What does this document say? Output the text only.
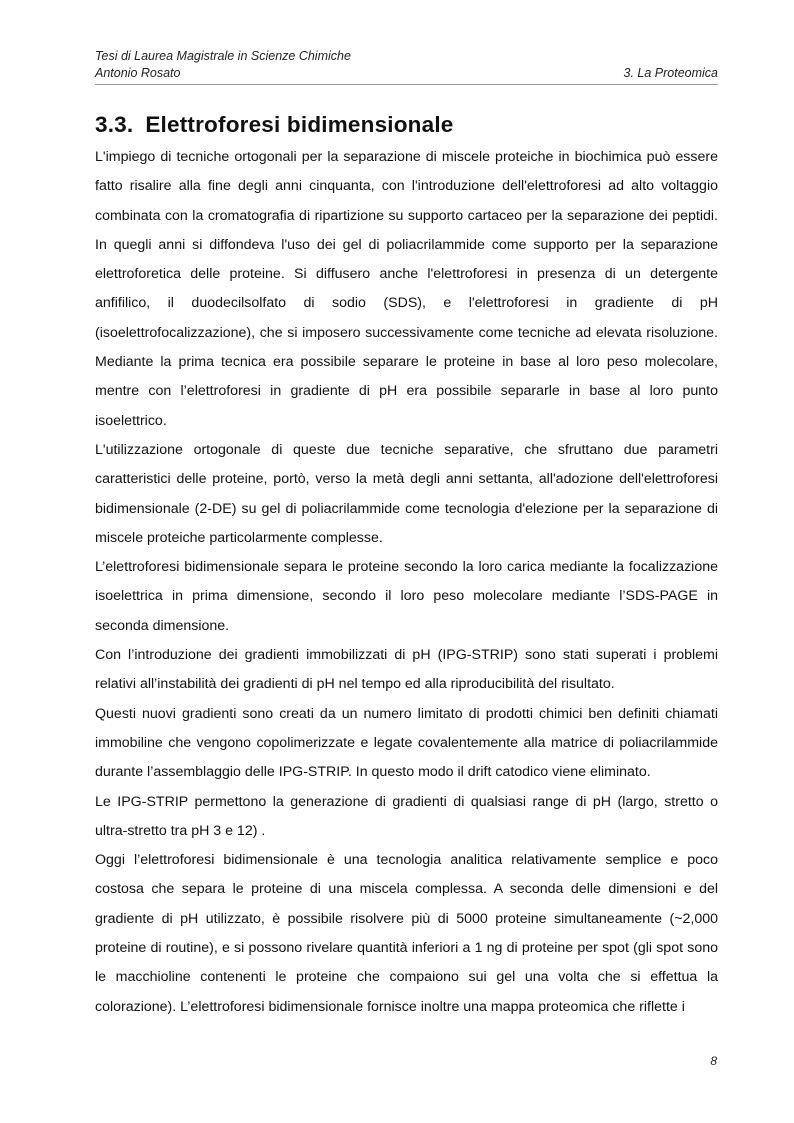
Tesi di Laurea Magistrale in Scienze Chimiche
Antonio Rosato	3. La Proteomica
3.3. Elettroforesi bidimensionale

L'impiego di tecniche ortogonali per la separazione di miscele proteiche in biochimica può essere fatto risalire alla fine degli anni cinquanta, con l'introduzione dell'elettroforesi ad alto voltaggio combinata con la cromatografia di ripartizione su supporto cartaceo per la separazione dei peptidi. In quegli anni si diffondeva l'uso dei gel di poliacrilammide come supporto per la separazione elettroforetica delle proteine. Si diffusero anche l'elettroforesi in presenza di un detergente anfifilico, il duodecilsolfato di sodio (SDS), e l'elettroforesi in gradiente di pH (isoelettrofocalizzazione), che si imposero successivamente come tecniche ad elevata risoluzione. Mediante la prima tecnica era possibile separare le proteine in base al loro peso molecolare, mentre con l’elettroforesi in gradiente di pH era possibile separarle in base al loro punto isoelettrico.

L'utilizzazione ortogonale di queste due tecniche separative, che sfruttano due parametri caratteristici delle proteine, portò, verso la metà degli anni settanta, all'adozione dell'elettroforesi bidimensionale (2-DE) su gel di poliacrilammide come tecnologia d'elezione per la separazione di miscele proteiche particolarmente complesse.

L’elettroforesi bidimensionale separa le proteine secondo la loro carica mediante la focalizzazione isoelettrica in prima dimensione, secondo il loro peso molecolare mediante l’SDS-PAGE in seconda dimensione.

Con l’introduzione dei gradienti immobilizzati di pH (IPG-STRIP) sono stati superati i problemi relativi all’instabilità dei gradienti di pH nel tempo ed alla riproducibilità del risultato.

Questi nuovi gradienti sono creati da un numero limitato di prodotti chimici ben definiti chiamati immobiline che vengono copolimerizzate e legate covalentemente alla matrice di poliacrilammide durante l’assemblaggio delle IPG-STRIP. In questo modo il drift catodico viene eliminato.

Le IPG-STRIP permettono la generazione di gradienti di qualsiasi range di pH (largo, stretto o ultra-stretto tra pH 3 e 12) .

Oggi l’elettroforesi bidimensionale è una tecnologia analitica relativamente semplice e poco costosa che separa le proteine di una miscela complessa. A seconda delle dimensioni e del gradiente di pH utilizzato, è possibile risolvere più di 5000 proteine simultaneamente (~2,000 proteine di routine), e si possono rivelare quantità inferiori a 1 ng di proteine per spot (gli spot sono le macchioline contenenti le proteine che compaiono sui gel una volta che si effettua la colorazione). L’elettroforesi bidimensionale fornisce inoltre una mappa proteomica che riflette i

8
